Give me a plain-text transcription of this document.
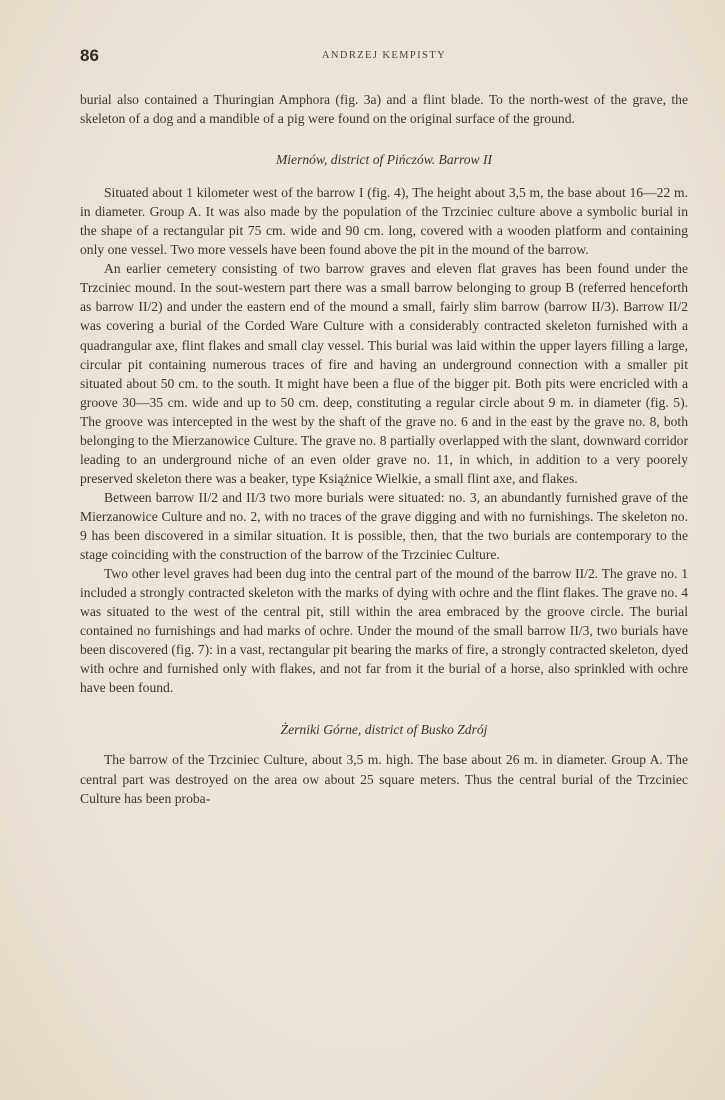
86	ANDRZEJ KEMPISTY

burial also contained a Thuringian Amphora (fig. 3a) and a flint blade. To the north-west of the grave, the skeleton of a dog and a mandible of a pig were found on the original surface of the ground.

Miernów, district of Pińczów. Barrow II

Situated about 1 kilometer west of the barrow I (fig. 4), The height about 3,5 m, the base about 16—22 m. in diameter. Group A. It was also made by the population of the Trzciniec culture above a symbolic burial in the shape of a rectangular pit 75 cm. wide and 90 cm. long, covered with a wooden platform and containing only one vessel. Two more vessels have been found above the pit in the mound of the barrow.

An earlier cemetery consisting of two barrow graves and eleven flat graves has been found under the Trzciniec mound. In the sout-western part there was a small barrow belonging to group B (referred henceforth as barrow II/2) and under the eastern end of the mound a small, fairly slim barrow (barrow II/3). Barrow II/2 was covering a burial of the Corded Ware Culture with a considerably contracted skeleton furnished with a quadrangular axe, flint flakes and small clay vessel. This burial was laid within the upper layers filling a large, circular pit containing numerous traces of fire and having an underground connection with a smaller pit situated about 50 cm. to the south. It might have been a flue of the bigger pit. Both pits were encricled with a groove 30—35 cm. wide and up to 50 cm. deep, constituting a regular circle about 9 m. in diameter (fig. 5). The groove was intercepted in the west by the shaft of the grave no. 6 and in the east by the grave no. 8, both belonging to the Mierzanowice Culture. The grave no. 8 partially overlapped with the slant, downward corridor leading to an underground niche of an even older grave no. 11, in which, in addition to a very poorely preserved skeleton there was a beaker, type Książnice Wielkie, a small flint axe, and flakes.

Between barrow II/2 and II/3 two more burials were situated: no. 3, an abundantly furnished grave of the Mierzanowice Culture and no. 2, with no traces of the grave digging and with no furnishings. The skeleton no. 9 has been discovered in a similar situation. It is possible, then, that the two burials are contemporary to the stage coinciding with the construction of the barrow of the Trzciniec Culture.

Two other level graves had been dug into the central part of the mound of the barrow II/2. The grave no. 1 included a strongly contracted skeleton with the marks of dying with ochre and the flint flakes. The grave no. 4 was situated to the west of the central pit, still within the area embraced by the groove circle. The burial contained no furnishings and had marks of ochre. Under the mound of the small barrow II/3, two burials have been discovered (fig. 7): in a vast, rectangular pit bearing the marks of fire, a strongly contracted skeleton, dyed with ochre and furnished only with flakes, and not far from it the burial of a horse, also sprinkled with ochre have been found.

Żerniki Górne, district of Busko Zdrój

The barrow of the Trzciniec Culture, about 3,5 m. high. The base about 26 m. in diameter. Group A. The central part was destroyed on the area ow about 25 square meters. Thus the central burial of the Trzciniec Culture has been proba-
